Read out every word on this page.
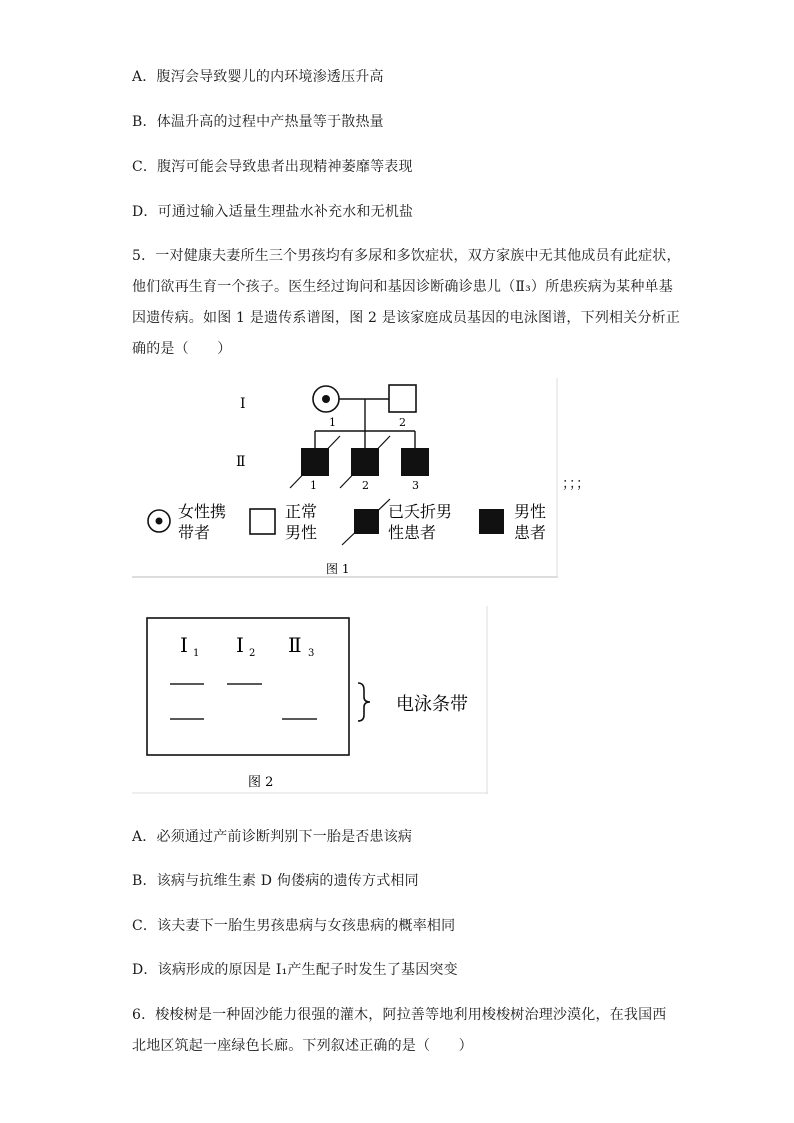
A．腹泻会导致婴儿的内环境渗透压升高
B．体温升高的过程中产热量等于散热量
C．腹泻可能会导致患者出现精神萎靡等表现
D．可通过输入适量生理盐水补充水和无机盐
5．一对健康夫妻所生三个男孩均有多尿和多饮症状，双方家族中无其他成员有此症状，
他们欲再生育一个孩子。医生经过询问和基因诊断确诊患儿（Ⅱ₃）所患疾病为某种单基
因遗传病。如图 1 是遗传系谱图，图 2 是该家庭成员基因的电泳图谱，下列相关分析正
确的是（　　）
Ⅰ
Ⅱ
1	2
1	2	3
女性携
带者
正常
男性
已夭折男
性患者
男性
患者
图 1
；；；
Ⅰ 1 Ⅰ 2 Ⅱ 3
电泳条带
图 2
A．必须通过产前诊断判别下一胎是否患该病
B．该病与抗维生素 D 佝偻病的遗传方式相同
C．该夫妻下一胎生男孩患病与女孩患病的概率相同
D．该病形成的原因是 I₁产生配子时发生了基因突变
6．梭梭树是一种固沙能力很强的灌木，阿拉善等地利用梭梭树治理沙漠化，在我国西
北地区筑起一座绿色长廊。下列叙述正确的是（　　）
